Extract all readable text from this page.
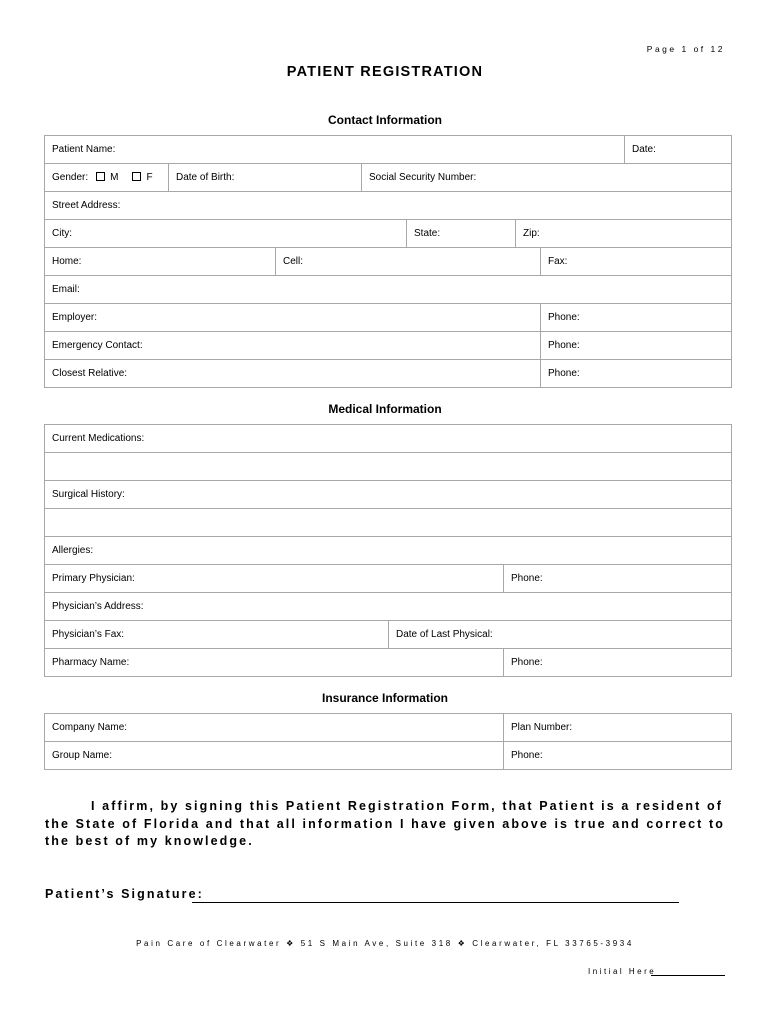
Page 1 of 12
PATIENT REGISTRATION
Contact Information
Patient Name:							Date:
Gender: M F	Date of Birth:		Social Security Number:				
Street Address:							
City:				State:	Zip:		
Home:		Cell:				Fax:	
Email:							
Employer:						Phone:	
Emergency Contact:						Phone:	
Closest Relative:						Phone:	
Medical Information
Current Medications:		

Surgical History:		

Allergies:		
Primary Physician:		Phone:
Physician’s Address:		
Physician’s Fax:	Date of Last Physical:	
Pharmacy Name:		Phone:
Insurance Information
Company Name:	Plan Number:
Group Name:	Phone:
I affirm, by signing this Patient Registration Form, that Patient is a resident of the State of Florida and that all information I have given above is true and correct to the best of my knowledge.
Patient’s Signature:
Pain Care of Clearwater ❖ 51 S Main Ave, Suite 318 ❖ Clearwater, FL 33765-3934
Initial Here
